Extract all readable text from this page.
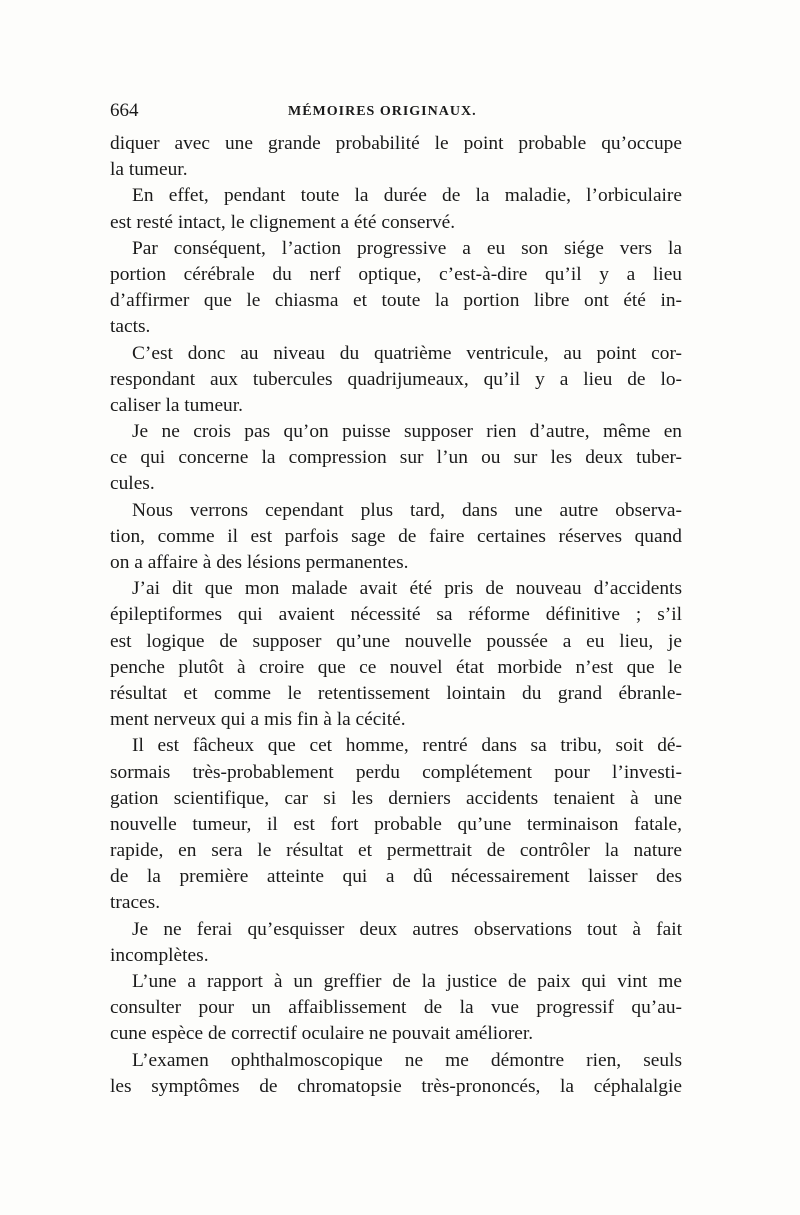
664	MÉMOIRES ORIGINAUX.
diquer avec une grande probabilité le point probable qu’occupe
la tumeur.
En effet, pendant toute la durée de la maladie, l’orbiculaire
est resté intact, le clignement a été conservé.
Par conséquent, l’action progressive a eu son siége vers la
portion cérébrale du nerf optique, c’est-à-dire qu’il y a lieu
d’affirmer que le chiasma et toute la portion libre ont été in-
tacts.
C’est donc au niveau du quatrième ventricule, au point cor-
respondant aux tubercules quadrijumeaux, qu’il y a lieu de lo-
caliser la tumeur.
Je ne crois pas qu’on puisse supposer rien d’autre, même en
ce qui concerne la compression sur l’un ou sur les deux tuber-
cules.
Nous verrons cependant plus tard, dans une autre observa-
tion, comme il est parfois sage de faire certaines réserves quand
on a affaire à des lésions permanentes.
J’ai dit que mon malade avait été pris de nouveau d’accidents
épileptiformes qui avaient nécessité sa réforme définitive ; s’il
est logique de supposer qu’une nouvelle poussée a eu lieu, je
penche plutôt à croire que ce nouvel état morbide n’est que le
résultat et comme le retentissement lointain du grand ébranle-
ment nerveux qui a mis fin à la cécité.
Il est fâcheux que cet homme, rentré dans sa tribu, soit dé-
sormais très-probablement perdu complétement pour l’investi-
gation scientifique, car si les derniers accidents tenaient à une
nouvelle tumeur, il est fort probable qu’une terminaison fatale,
rapide, en sera le résultat et permettrait de contrôler la nature
de la première atteinte qui a dû nécessairement laisser des
traces.
Je ne ferai qu’esquisser deux autres observations tout à fait
incomplètes.
L’une a rapport à un greffier de la justice de paix qui vint me
consulter pour un affaiblissement de la vue progressif qu’au-
cune espèce de correctif oculaire ne pouvait améliorer.
L’examen ophthalmoscopique ne me démontre rien, seuls
les symptômes de chromatopsie très-prononcés, la céphalalgie
